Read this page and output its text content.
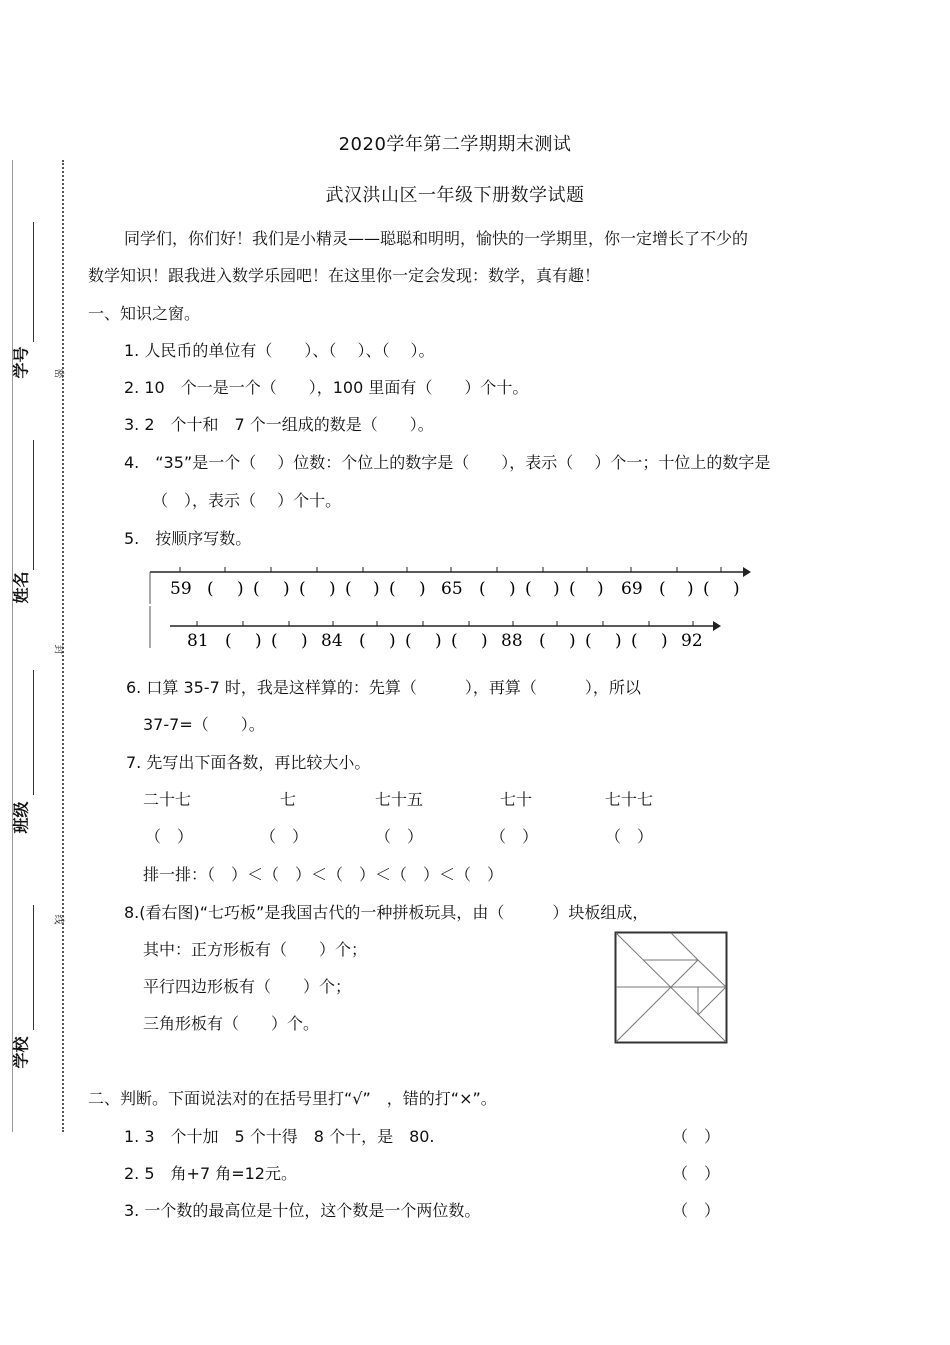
学号
姓名
班级
学校
密
封
线
2020学年第二学期期末测试
武汉洪山区一年级下册数学试题
同学们，你们好！我们是小精灵——聪聪和明明，愉快的一学期里，你一定增长了不少的
数学知识！跟我进入数学乐园吧！在这里你一定会发现：数学，真有趣！
一、知识之窗。
1. 人民币的单位有（　　）、（　 ）、（　 ）。
2. 10　个一是一个（　　），100 里面有（　　）个十。
3. 2　个十和　7 个一组成的数是（　　）。
4.　“35”是一个（　 ）位数：个位上的数字是（　　），表示（　 ）个一；十位上的数字是
（　），表示（　 ）个十。
5.　按顺序写数。
59 ( ) ( ) ( ) ( ) ( ) 65 ( ) ( ) ( ) 69 ( ) ( )
81 ( ) ( ) 84 ( ) ( ) ( ) 88 ( ) ( ) ( ) 92
6. 口算 35-7 时，我是这样算的：先算（　　　），再算（　　　），所以
37-7=（　　）。
7. 先写出下面各数，再比较大小。
二十七	七	七十五	七十	七十七
（　）	（　）	（　）	（　）	（　）
排一排：（　）＜（　）＜（　）＜（　）＜（　）
8.(看右图)“七巧板”是我国古代的一种拼板玩具，由（　　　）块板组成，
其中：正方形板有（　　）个；
平行四边形板有（　　）个；
三角形板有（　　）个。
二、判断。下面说法对的在括号里打“√”　，错的打“×”。
1. 3　个十加　5 个十得　8 个十，是　80.	（　）
2. 5　角+7 角=12元。	（　）
3. 一个数的最高位是十位，这个数是一个两位数。	（　）
